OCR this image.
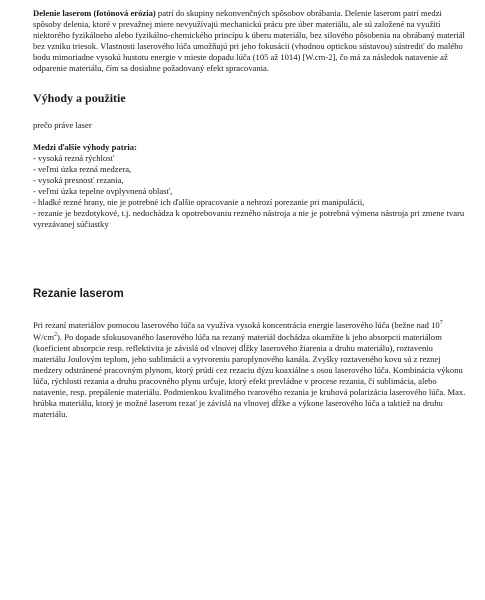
Delenie laserom (fotónová erózia) patrí do skupiny nekonvenčných spôsobov obrábania. Delenie laserom patrí medzi spôsoby delenia, ktoré v prevažnej miere nevyužívajú mechanickú prácu pre úber materiálu, ale sú založené na využití niektorého fyzikálneho alebo fyzikálno-chemického princípu k úberu materiálu, bez silového pôsobenia na obrábaný materiál bez vzniku triesok. Vlastnosti laserového lúča umožňujú pri jeho fokusácii (vhodnou optickou sústavou) sústrediť do malého bodu mimoriadne vysokú hustotu energie v mieste dopadu lúča (105 až 1014) [W.cm-2], čo má za následok natavenie až odparenie materiálu, čím sa dosiahne požadovaný efekt spracovania.

Výhody a použitie

prečo práve laser

Medzi ďalšie výhody patria:

- vysoká rezná rýchlosť
- veľmi úzka rezná medzera,
- vysoká presnosť rezania,
- veľmi úzka tepelne ovplyvnená oblasť,
- hladké rezné hrany, nie je potrebné ich ďalšie opracovanie a nehrozí porezanie pri manipulácii,
- rezanie je bezdotykové, t.j. nedochádza k opotrebovaniu rezného nástroja a nie je potrebná výmena nástroja pri zmene tvaru vyrezávanej súčiastky
Rezanie laserom

Pri rezaní materiálov pomocou laserového lúča sa využíva vysoká koncentrácia energie laserového lúča (bežne nad $10^7$ $W/cm^2$). Po dopade sfokusovaného laserového lúča na rezaný materiál dochádza okamžite k jeho absorpcii materiálom (koeficient absorpcie resp. reflektivita je závislá od vlnovej dĺžky laserového žiarenia a druhu materiálu), roztaveniu materiálu Joulovým teplom, jeho sublimácii a vytvoreniu paroplynového kanála. Zvyšky roztaveného kovu sú z reznej medzery odstránené pracovným plynom, ktorý prúdi cez rezaciu dýzu koaxiálne s osou laserového lúča. Kombinácia výkonu lúča, rýchlosti rezania a druhu pracovného plynu určuje, ktorý efekt prevládne v procese rezania, či sublimácia, alebo natavenie, resp. prepálenie materiálu. Podmienkou kvalitného tvarového rezania je kruhová polarizácia laserového lúča. Max. hrúbka materiálu, ktorý je možné laserom rezať je závislá na vlnovej dĺžke a výkone laserového lúča a taktiež na druhu materiálu.
